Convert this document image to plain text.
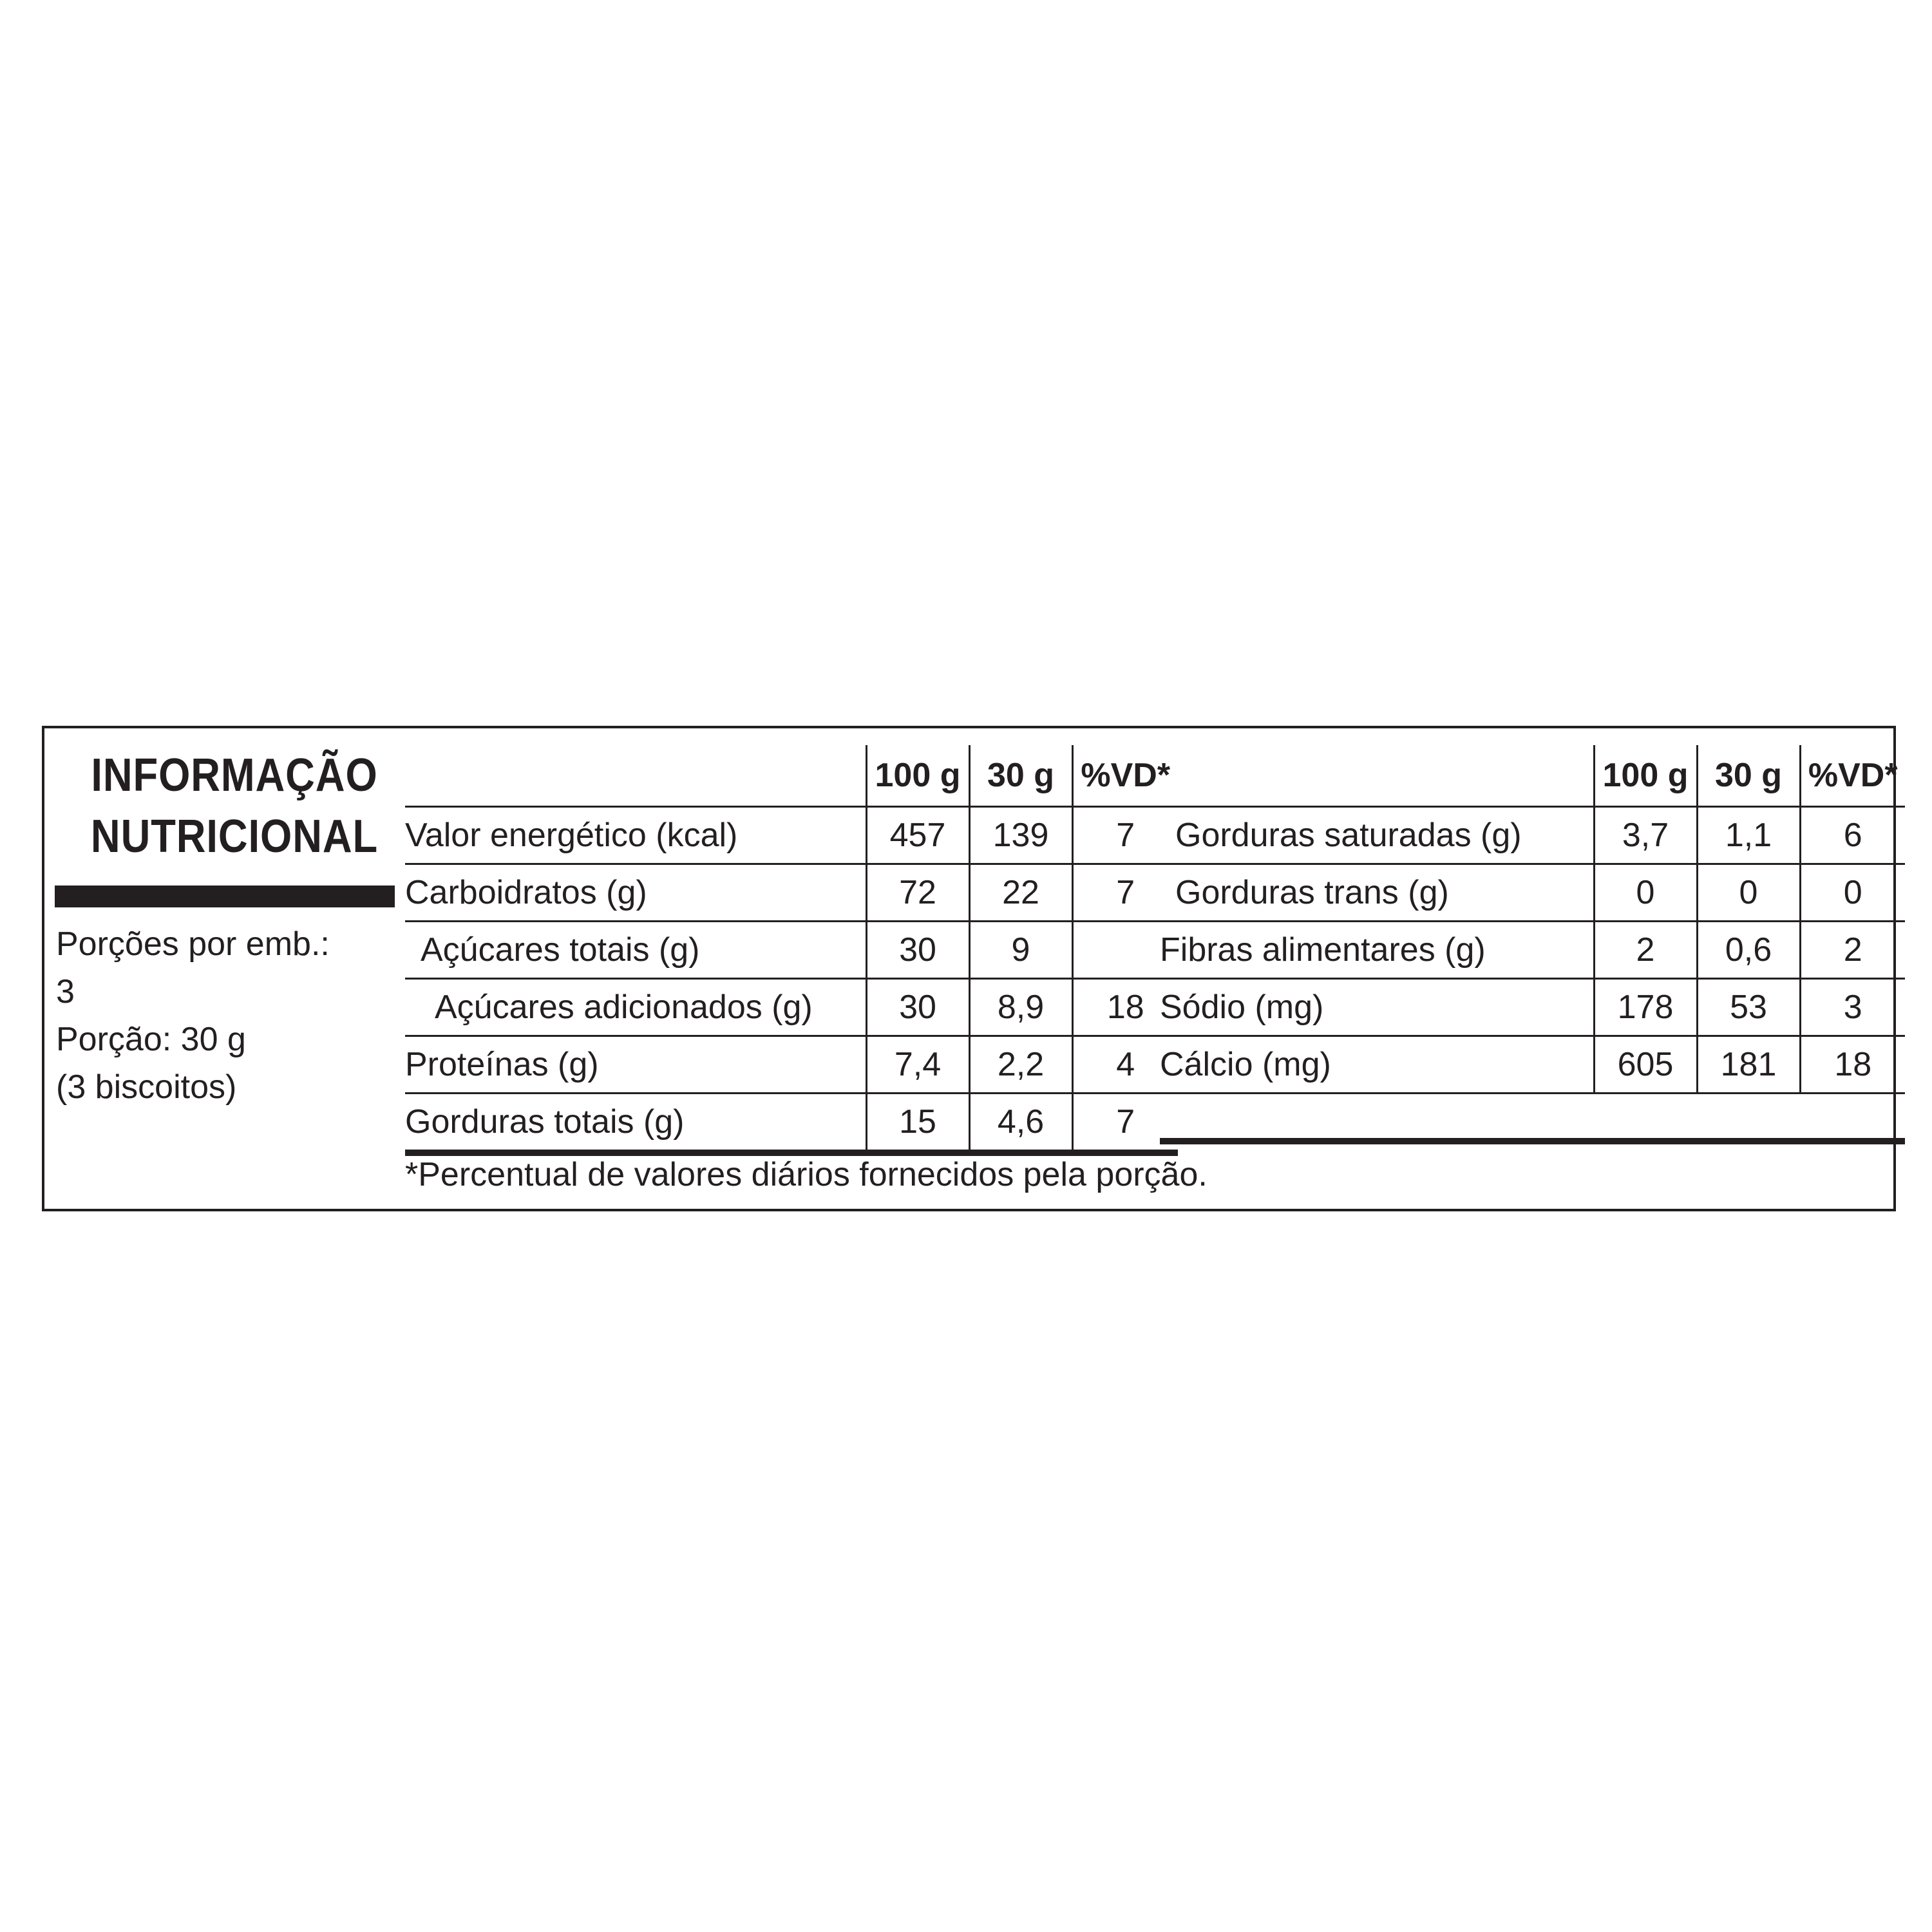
INFORMAÇÃO
NUTRICIONAL
Porções por emb.:
3
Porção: 30 g
(3 biscoitos)
	100 g	30 g	%VD*
Valor energético (kcal)	457	139	7
Carboidratos (g)	72	22	7
Açúcares totais (g)	30	9	
Açúcares adicionados (g)	30	8,9	18
Proteínas (g)	7,4	2,2	4
Gorduras totais (g)	15	4,6	7
	100 g	30 g	%VD*
Gorduras saturadas (g)	3,7	1,1	6
Gorduras trans (g)	0	0	0
Fibras alimentares (g)	2	0,6	2
Sódio (mg)	178	53	3
Cálcio (mg)	605	181	18
*Percentual de valores diários fornecidos pela porção.
